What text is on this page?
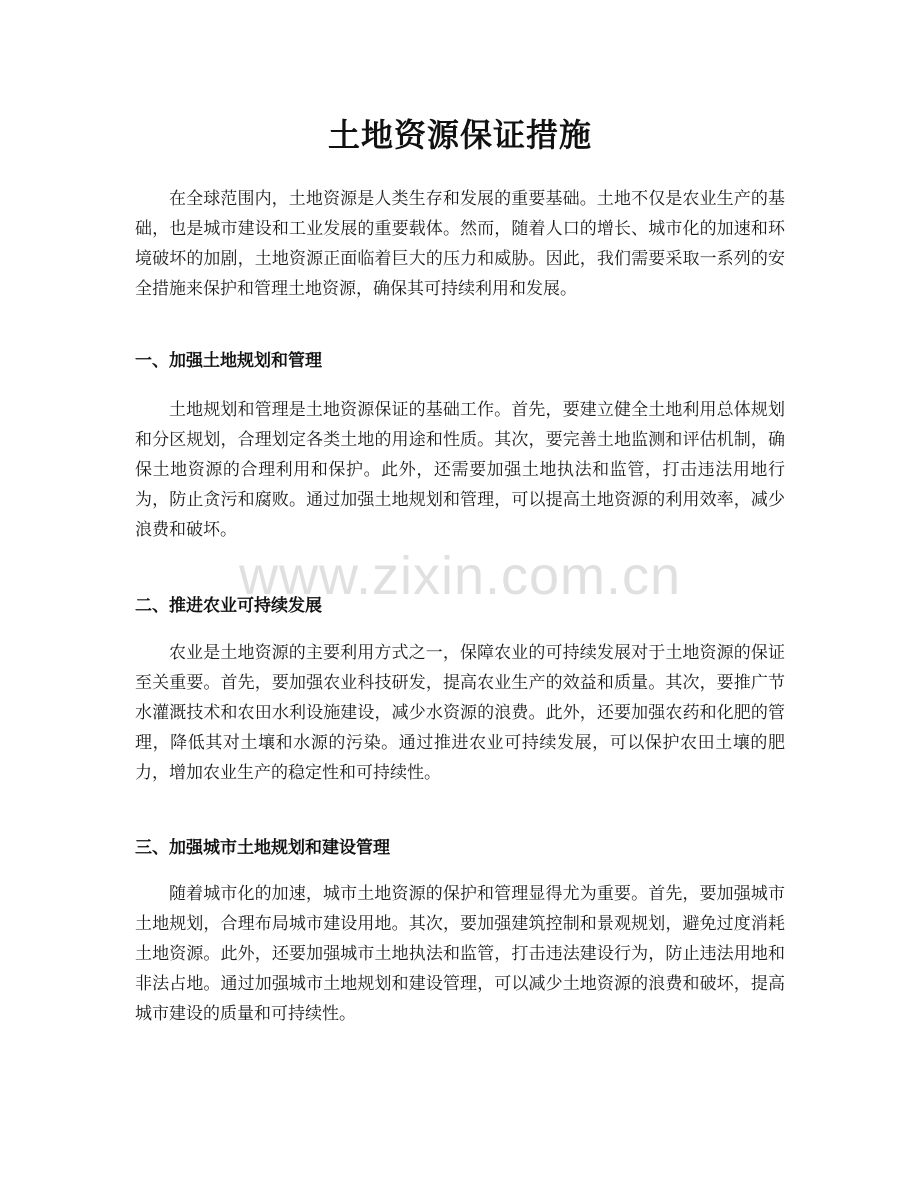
土地资源保证措施
在全球范围内，土地资源是人类生存和发展的重要基础。土地不仅是农业生产的基础，也是城市建设和工业发展的重要载体。然而，随着人口的增长、城市化的加速和环境破坏的加剧，土地资源正面临着巨大的压力和威胁。因此，我们需要采取一系列的安全措施来保护和管理土地资源，确保其可持续利用和发展。
一、加强土地规划和管理
土地规划和管理是土地资源保证的基础工作。首先，要建立健全土地利用总体规划和分区规划，合理划定各类土地的用途和性质。其次，要完善土地监测和评估机制，确保土地资源的合理利用和保护。此外，还需要加强土地执法和监管，打击违法用地行为，防止贪污和腐败。通过加强土地规划和管理，可以提高土地资源的利用效率，减少浪费和破坏。
二、推进农业可持续发展
农业是土地资源的主要利用方式之一，保障农业的可持续发展对于土地资源的保证至关重要。首先，要加强农业科技研发，提高农业生产的效益和质量。其次，要推广节水灌溉技术和农田水利设施建设，减少水资源的浪费。此外，还要加强农药和化肥的管理，降低其对土壤和水源的污染。通过推进农业可持续发展，可以保护农田土壤的肥力，增加农业生产的稳定性和可持续性。
三、加强城市土地规划和建设管理
随着城市化的加速，城市土地资源的保护和管理显得尤为重要。首先，要加强城市土地规划，合理布局城市建设用地。其次，要加强建筑控制和景观规划，避免过度消耗土地资源。此外，还要加强城市土地执法和监管，打击违法建设行为，防止违法用地和非法占地。通过加强城市土地规划和建设管理，可以减少土地资源的浪费和破坏，提高城市建设的质量和可持续性。
www.zixin.com.cn
